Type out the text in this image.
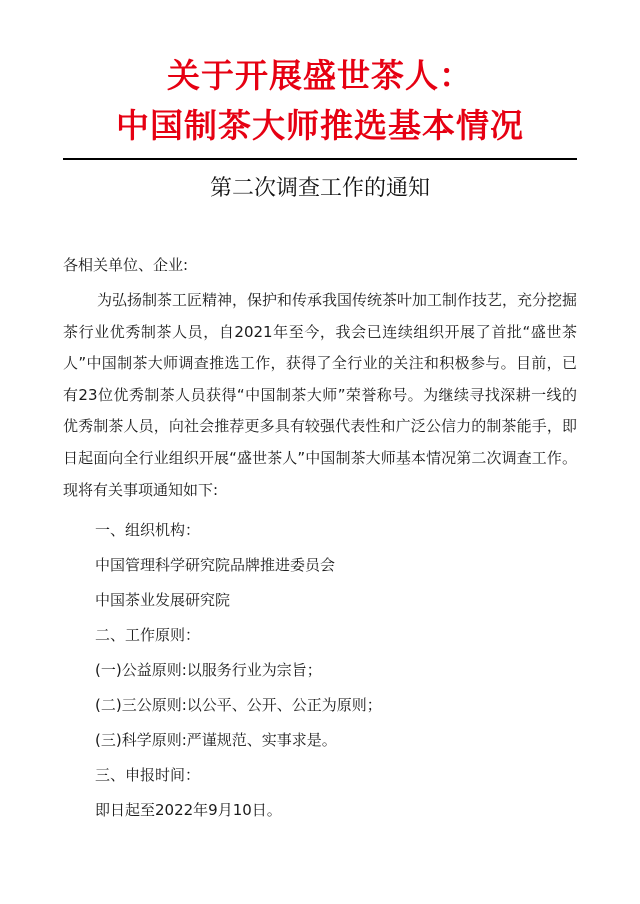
关于开展盛世茶人：
中国制茶大师推选基本情况
第二次调查工作的通知
各相关单位、企业:

为弘扬制茶工匠精神，保护和传承我国传统茶叶加工制作技艺，充分挖掘茶行业优秀制茶人员，自2021年至今，我会已连续组织开展了首批“盛世茶人”中国制茶大师调查推选工作，获得了全行业的关注和积极参与。目前，已有23位优秀制茶人员获得“中国制茶大师”荣誉称号。为继续寻找深耕一线的优秀制茶人员，向社会推荐更多具有较强代表性和广泛公信力的制茶能手，即日起面向全行业组织开展“盛世茶人”中国制茶大师基本情况第二次调查工作。现将有关事项通知如下:

一、组织机构：
中国管理科学研究院品牌推进委员会
中国茶业发展研究院
二、工作原则：
(一)公益原则:以服务行业为宗旨；
(二)三公原则:以公平、公开、公正为原则；
(三)科学原则:严谨规范、实事求是。
三、申报时间：
即日起至2022年9月10日。
